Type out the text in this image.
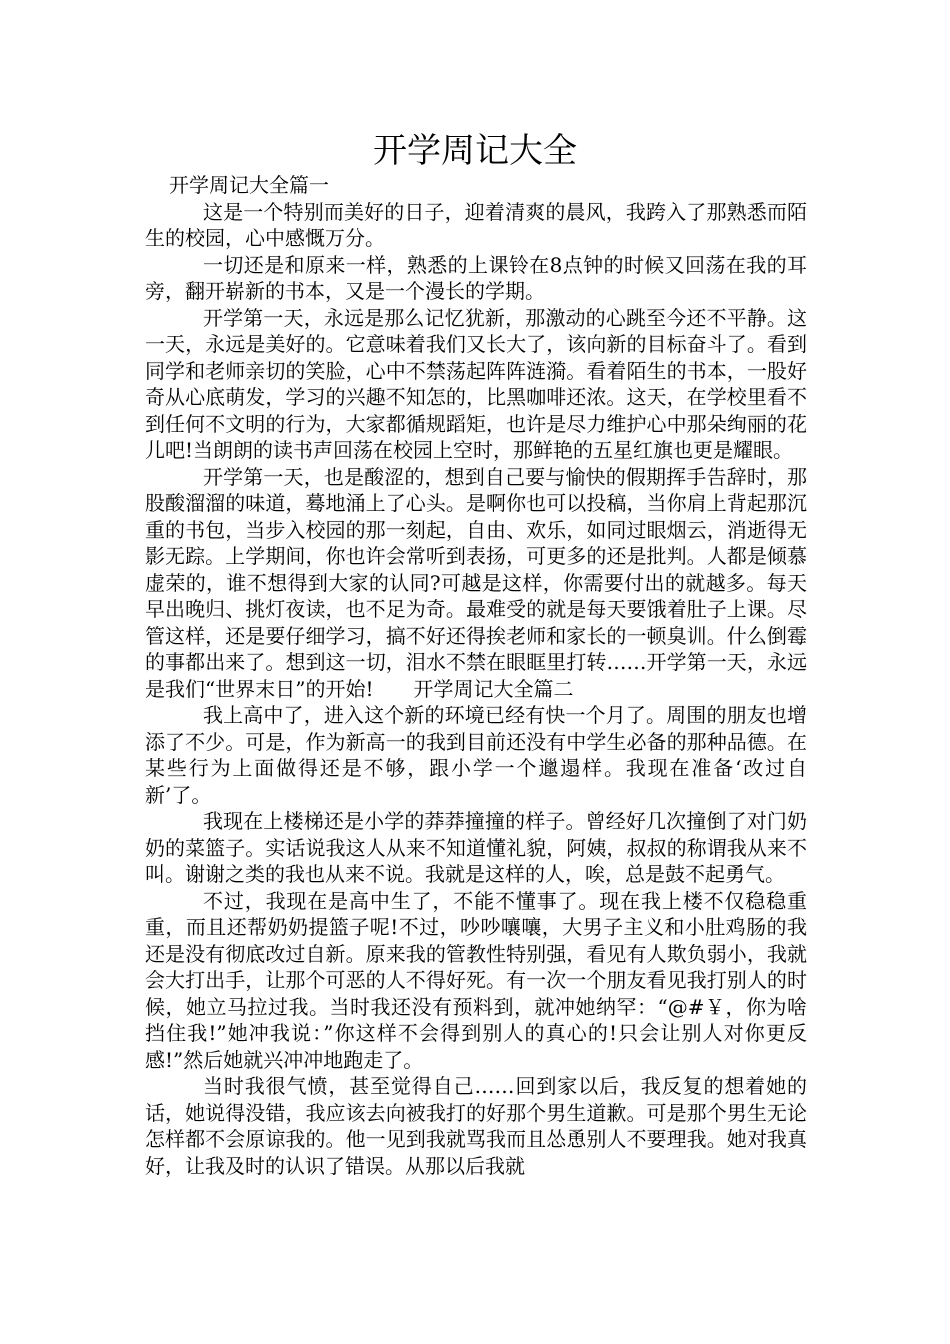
开学周记大全

开学周记大全篇一

这是一个特别而美好的日子，迎着清爽的晨风，我跨入了那熟悉而陌生的校园，心中感慨万分。

一切还是和原来一样，熟悉的上课铃在8点钟的时候又回荡在我的耳旁，翻开崭新的书本，又是一个漫长的学期。

开学第一天，永远是那么记忆犹新，那激动的心跳至今还不平静。这一天，永远是美好的。它意味着我们又长大了，该向新的目标奋斗了。看到同学和老师亲切的笑脸，心中不禁荡起阵阵涟漪。看着陌生的书本，一股好奇从心底萌发，学习的兴趣不知怎的，比黑咖啡还浓。这天，在学校里看不到任何不文明的行为，大家都循规蹈矩，也许是尽力维护心中那朵绚丽的花儿吧!当朗朗的读书声回荡在校园上空时，那鲜艳的五星红旗也更是耀眼。

开学第一天，也是酸涩的，想到自己要与愉快的假期挥手告辞时，那股酸溜溜的味道，蓦地涌上了心头。是啊你也可以投稿，当你肩上背起那沉重的书包，当步入校园的那一刻起，自由、欢乐，如同过眼烟云，消逝得无影无踪。上学期间，你也许会常听到表扬，可更多的还是批判。人都是倾慕虚荣的，谁不想得到大家的认同?可越是这样，你需要付出的就越多。每天早出晚归、挑灯夜读，也不足为奇。最难受的就是每天要饿着肚子上课。尽管这样，还是要仔细学习，搞不好还得挨老师和家长的一顿臭训。什么倒霉的事都出来了。想到这一切，泪水不禁在眼眶里打转……开学第一天，永远是我们“世界末日”的开始!　　开学周记大全篇二

我上高中了，进入这个新的环境已经有快一个月了。周围的朋友也增添了不少。可是，作为新高一的我到目前还没有中学生必备的那种品德。在某些行为上面做得还是不够，跟小学一个邋遢样。我现在准备‘改过自新’了。

我现在上楼梯还是小学的莽莽撞撞的样子。曾经好几次撞倒了对门奶奶的菜篮子。实话说我这人从来不知道懂礼貌，阿姨，叔叔的称谓我从来不叫。谢谢之类的我也从来不说。我就是这样的人，唉，总是鼓不起勇气。

不过，我现在是高中生了，不能不懂事了。现在我上楼不仅稳稳重重，而且还帮奶奶提篮子呢!不过，吵吵嚷嚷，大男子主义和小肚鸡肠的我还是没有彻底改过自新。原来我的管教性特别强，看见有人欺负弱小，我就会大打出手，让那个可恶的人不得好死。有一次一个朋友看见我打别人的时候，她立马拉过我。当时我还没有预料到，就冲她纳罕：“@#￥，你为啥挡住我!”她冲我说：”你这样不会得到别人的真心的!只会让别人对你更反感!”然后她就兴冲冲地跑走了。

当时我很气愤，甚至觉得自己……回到家以后，我反复的想着她的话，她说得没错，我应该去向被我打的好那个男生道歉。可是那个男生无论怎样都不会原谅我的。他一见到我就骂我而且怂恿别人不要理我。她对我真好，让我及时的认识了错误。从那以后我就
